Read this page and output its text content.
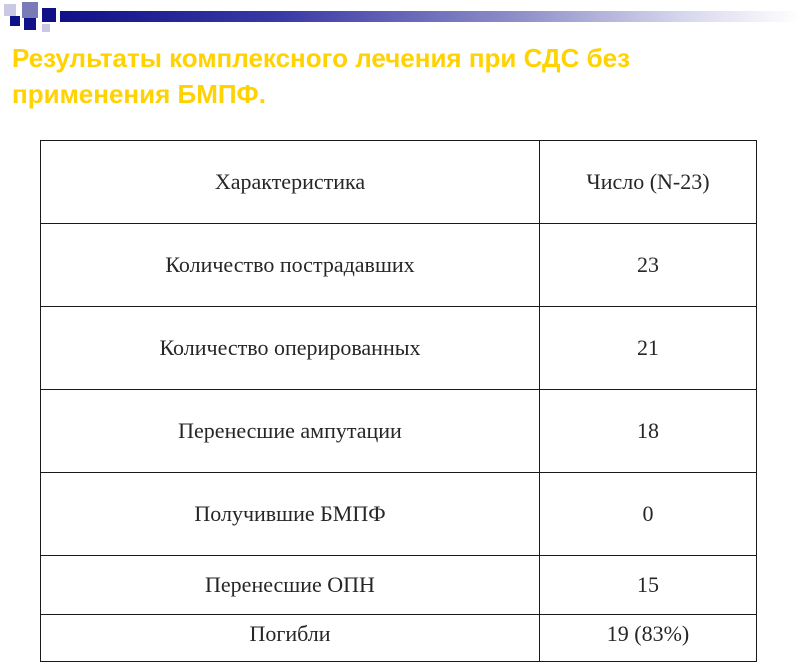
Результаты комплексного лечения при СДС без применения БМПФ.
Характеристика	Число (N-23)
Количество пострадавших	23
Количество оперированных	21
Перенесшие ампутации	18
Получившие БМПФ	0
Перенесшие ОПН	15
Погибли	19 (83%)
